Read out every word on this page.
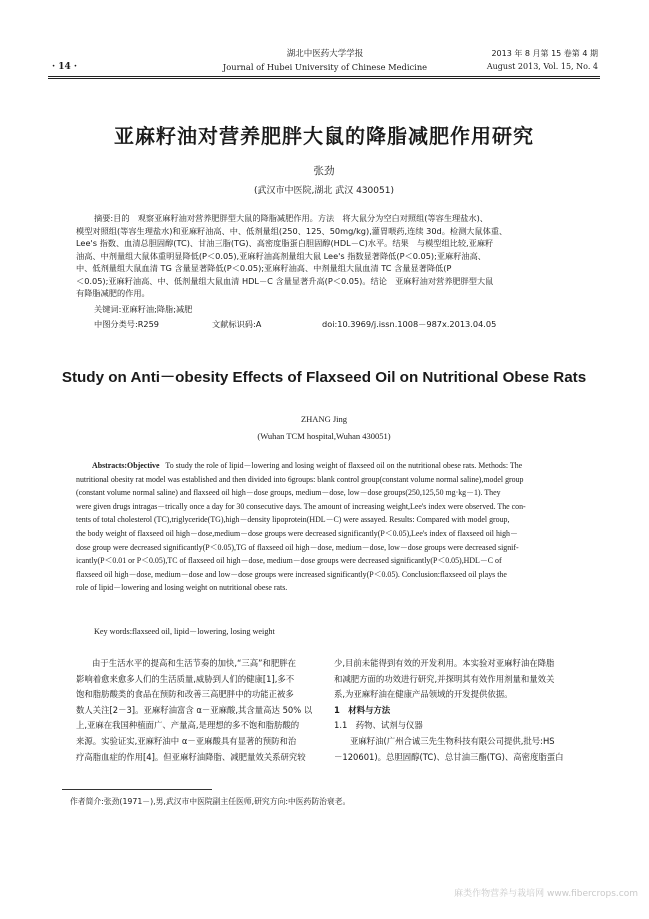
· 14 ·
湖北中医药大学学报
Journal of Hubei University of Chinese Medicine
2013 年 8 月第 15 卷第 4 期
August 2013, Vol. 15, No. 4
亚麻籽油对营养肥胖大鼠的降脂减肥作用研究
张劲
(武汉市中医院,湖北 武汉 430051)
摘要:目的　观察亚麻籽油对营养肥胖型大鼠的降脂减肥作用。方法　将大鼠分为空白对照组(等容生理盐水)、
模型对照组(等容生理盐水)和亚麻籽油高、中、低剂量组(250、125、50mg/kg),灌胃喂药,连续 30d。检测大鼠体重、
Lee's 指数、血清总胆固醇(TC)、甘油三脂(TG)、高密度脂蛋白胆固醇(HDL－C)水平。结果　与模型组比较,亚麻籽
油高、中剂量组大鼠体重明显降低(P＜0.05),亚麻籽油高剂量组大鼠 Lee's 指数显著降低(P＜0.05);亚麻籽油高、
中、低剂量组大鼠血清 TG 含量显著降低(P＜0.05);亚麻籽油高、中剂量组大鼠血清 TC 含量显著降低(P
＜0.05);亚麻籽油高、中、低剂量组大鼠血清 HDL－C 含量显著升高(P＜0.05)。结论　亚麻籽油对营养肥胖型大鼠
有降脂减肥的作用。
关键词:亚麻籽油;降脂;减肥
中图分类号:R259	文献标识码:A	doi:10.3969/j.issn.1008－987x.2013.04.05
Study on Anti－obesity Effects of Flaxseed Oil on Nutritional Obese Rats
ZHANG Jing
(Wuhan TCM hospital,Wuhan 430051)
Abstracts:Objective To study the role of lipid－lowering and losing weight of flaxseed oil on the nutritional obese rats. Methods: The
nutritional obesity rat model was established and then divided into 6groups: blank control group(constant volume normal saline),model group
(constant volume normal saline) and flaxseed oil high－dose groups, medium－dose, low－dose groups(250,125,50 mg·kg－1). They
were given drugs intragas－trically once a day for 30 consecutive days. The amount of increasing weight,Lee's index were observed. The con-
tents of total cholesterol (TC),triglyceride(TG),high－density lipoprotein(HDL－C) were assayed. Results: Compared with model group,
the body weight of flaxseed oil high－dose,medium－dose groups were decreased significantly(P＜0.05),Lee's index of flaxseed oil high－
dose group were decreased significantly(P＜0.05),TG of flaxseed oil high－dose, medium－dose, low－dose groups were decreased signif-
icantly(P＜0.01 or P＜0.05),TC of flaxseed oil high－dose, medium－dose groups were decreased significantly(P＜0.05),HDL－C of
flaxseed oil high－dose, medium－dose and low－dose groups were increased significantly(P＜0.05). Conclusion:flaxseed oil plays the
role of lipid－lowering and losing weight on nutritional obese rats.
Key words:flaxseed oil, lipid－lowering, losing weight
由于生活水平的提高和生活节奏的加快,“三高”和肥胖在
影响着愈来愈多人们的生活质量,威胁到人们的健康[1],多不
饱和脂肪酸类的食品在预防和改善三高肥胖中的功能正被多
数人关注[2－3]。亚麻籽油富含 α－亚麻酸,其含量高达 50% 以
上,亚麻在我国种植面广、产量高,是理想的多不饱和脂肪酸的
来源。实验证实,亚麻籽油中 α－亚麻酸具有显著的预防和治
疗高脂血症的作用[4]。但亚麻籽油降脂、减肥量效关系研究较
少,目前未能得到有效的开发利用。本实验对亚麻籽油在降脂
和减肥方面的功效进行研究,并探明其有效作用剂量和量效关
系,为亚麻籽油在健康产品领域的开发提供依据。
1　材料与方法
1.1　药物、试剂与仪器
亚麻籽油(广州合诚三先生物科技有限公司提供,批号:HS
－120601)。总胆固醇(TC)、总甘油三酯(TG)、高密度脂蛋白
作者简介:张劲(1971－),男,武汉市中医院副主任医师,研究方向:中医药防治衰老。
麻类作物营养与栽培网 www.fibercrops.com
